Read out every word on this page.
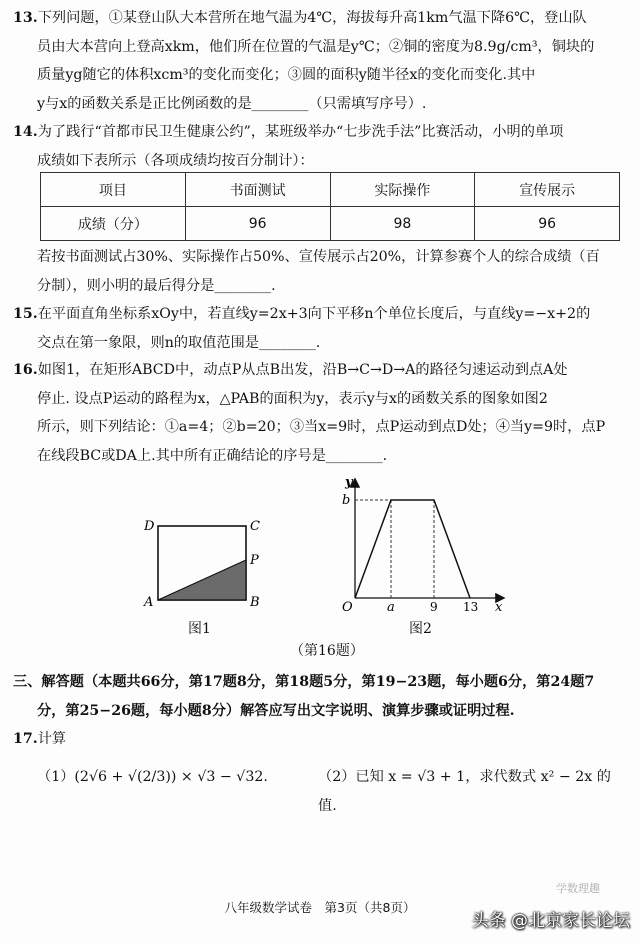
13.下列问题，①某登山队大本营所在地气温为4℃，海拔每升高1km气温下降6℃，登山队
员由大本营向上登高xkm，他们所在位置的气温是y℃；②铜的密度为8.9g/cm³，铜块的
质量yg随它的体积xcm³的变化而变化；③圆的面积y随半径x的变化而变化.其中
y与x的函数关系是正比例函数的是________（只需填写序号）.
14.为了践行“首都市民卫生健康公约”，某班级举办“七步洗手法”比赛活动，小明的单项
成绩如下表所示（各项成绩均按百分制计）：
项目	书面测试	实际操作	宣传展示
成绩（分）	96	98	96
若按书面测试占30%、实际操作占50%、宣传展示占20%，计算参赛个人的综合成绩（百
分制），则小明的最后得分是________.
15.在平面直角坐标系xOy中，若直线y=2x+3向下平移n个单位长度后，与直线y=−x+2的
交点在第一象限，则n的取值范围是________.
16.如图1，在矩形ABCD中，动点P从点B出发，沿B→C→D→A的路径匀速运动到点A处
停止. 设点P运动的路程为x，△PAB的面积为y，表示y与x的函数关系的图象如图2
所示，则下列结论：①a=4；②b=20；③当x=9时，点P运动到点D处；④当y=9时，点P
在线段BC或DA上.其中所有正确结论的序号是________.
D	C
P
A	B
图1
y
x
O
b
a	9 13
图2
（第16题）
三、解答题（本题共66分，第17题8分，第18题5分，第19−23题，每小题6分，第24题7
分，第25−26题，每小题8分）解答应写出文字说明、演算步骤或证明过程.
17.计算
（1）(2√6 + √(2/3)) × √3 − √32.	（2）已知 x = √3 + 1，求代数式 x² − 2x 的值.
学数理趣
八年级数学试卷　第3页（共8页）
头条 @北京家长论坛
